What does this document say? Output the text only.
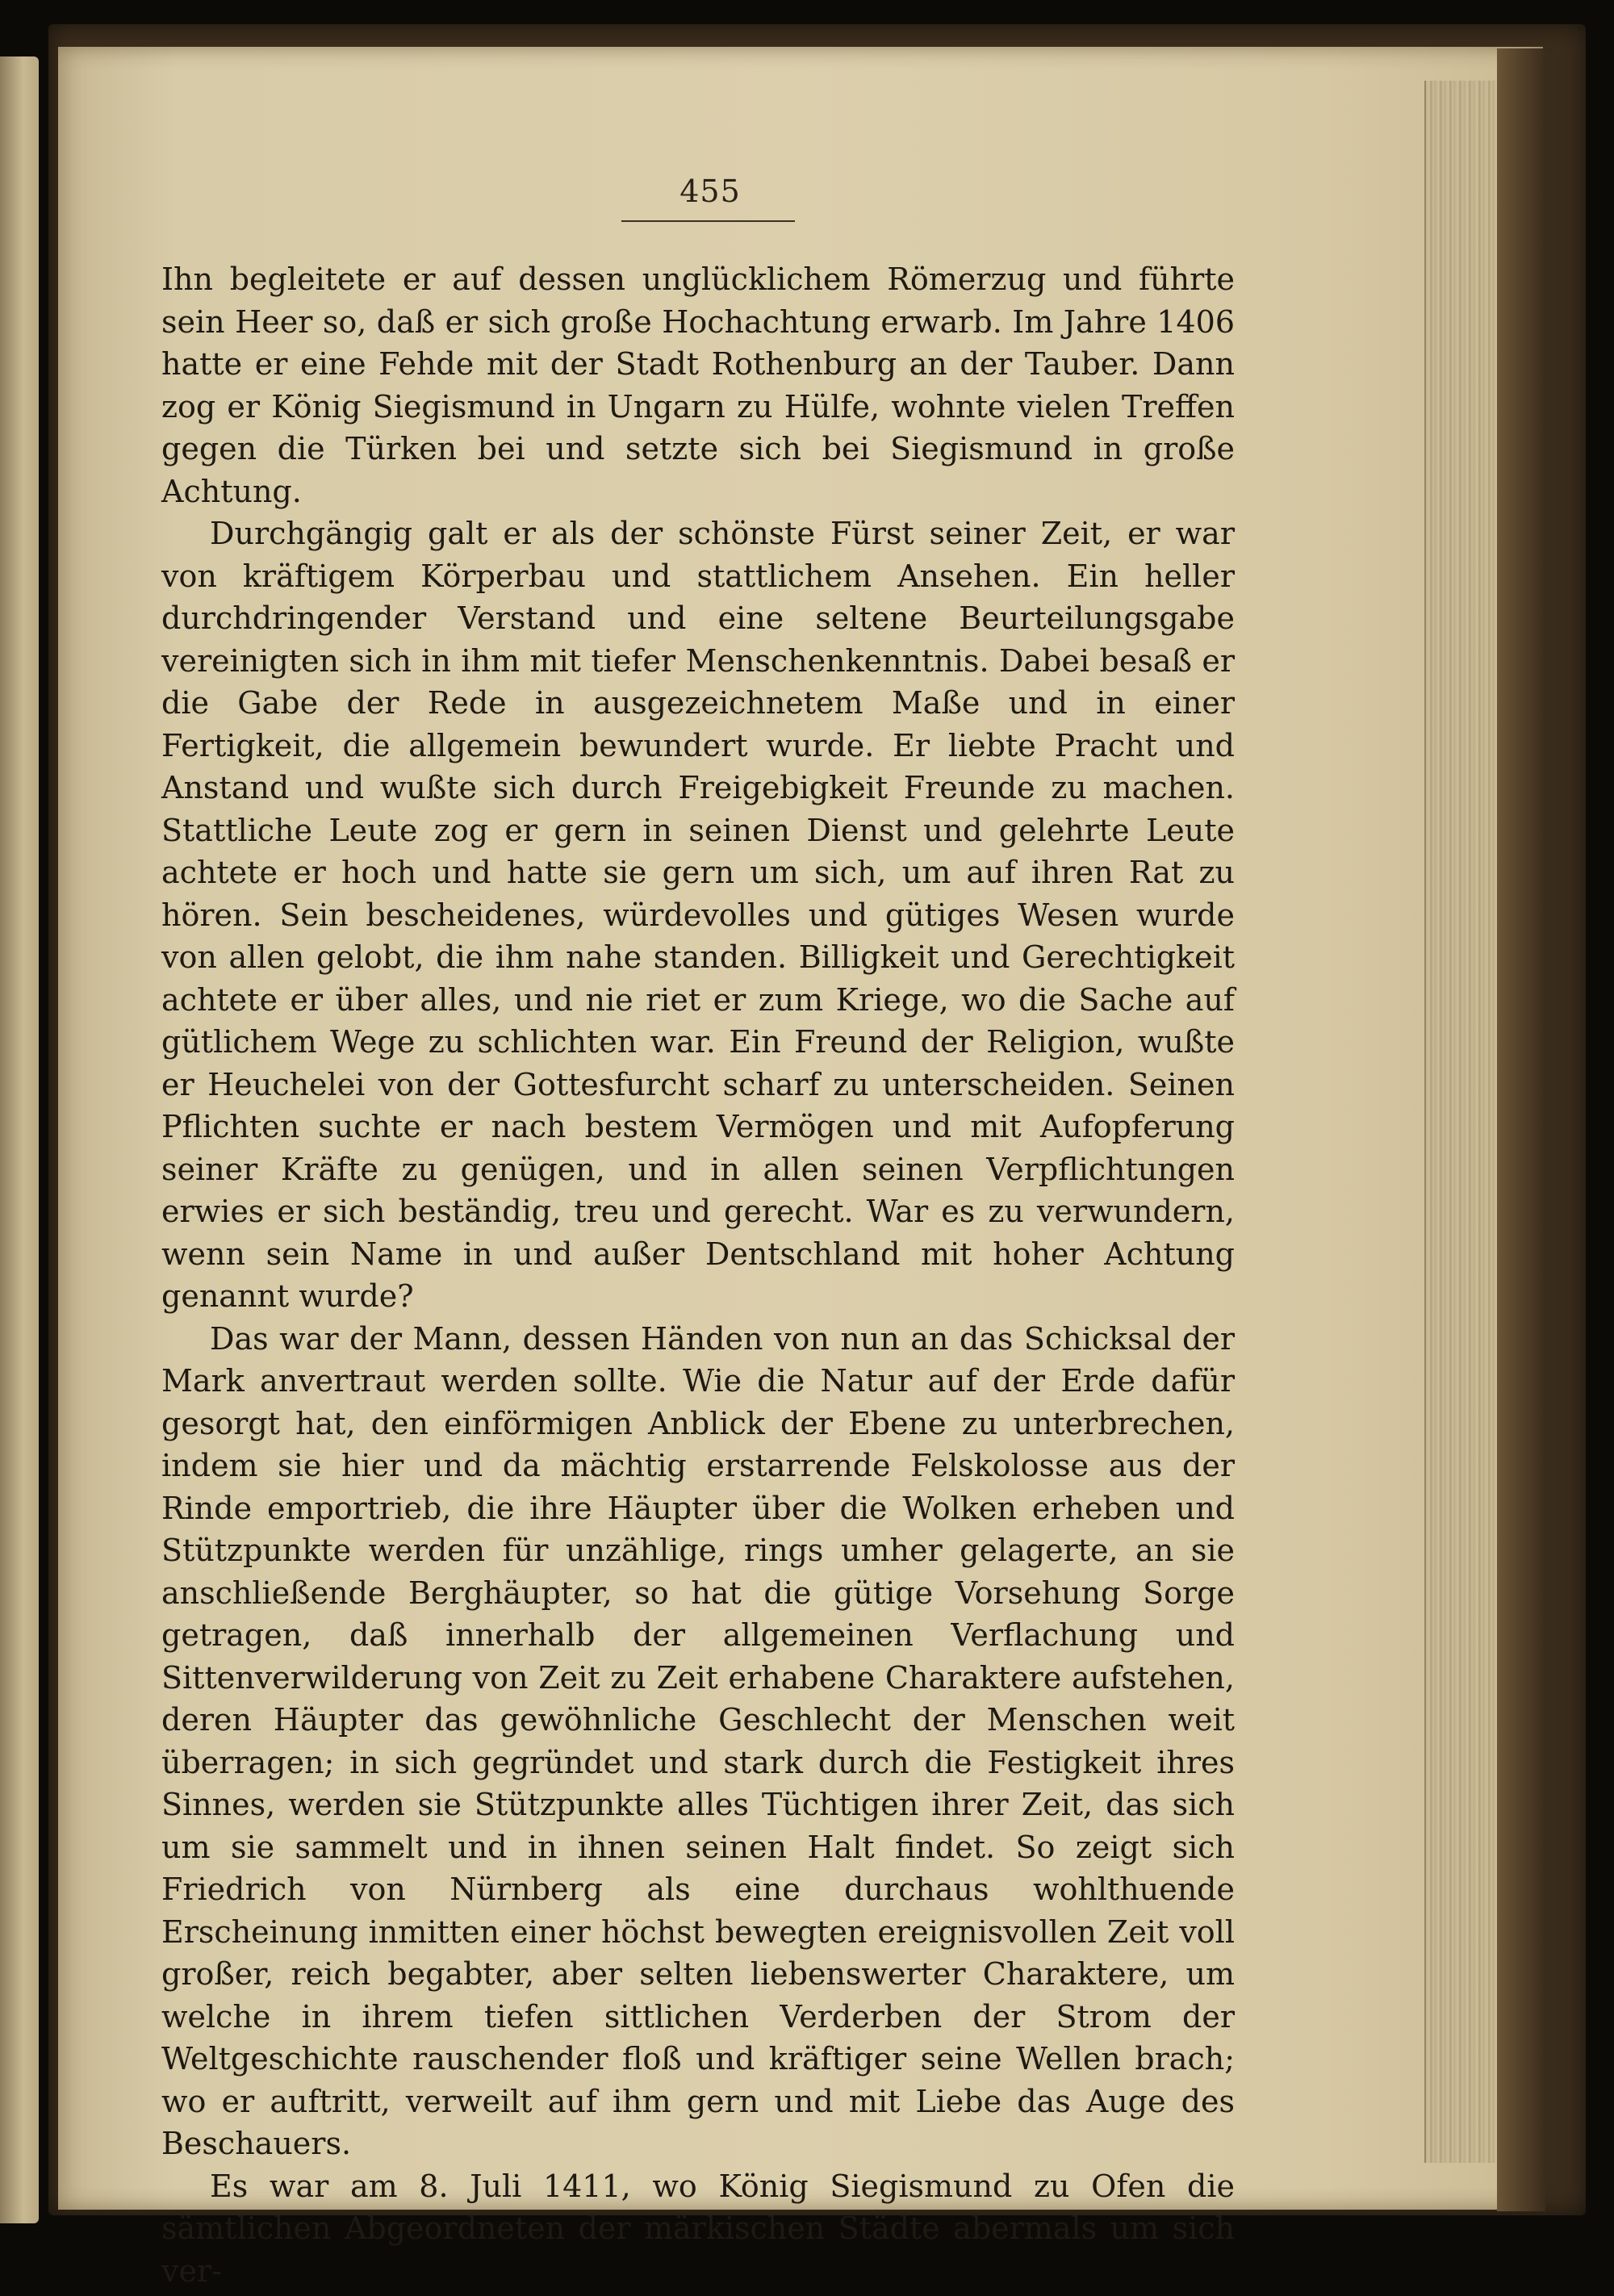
455

Ihn begleitete er auf dessen unglücklichem Römerzug und führte sein Heer so, daß er sich große Hochachtung erwarb. Im Jahre 1406 hatte er eine Fehde mit der Stadt Rothenburg an der Tauber. Dann zog er König Siegismund in Ungarn zu Hülfe, wohnte vielen Treffen gegen die Türken bei und setzte sich bei Siegismund in große Achtung.

Durchgängig galt er als der schönste Fürst seiner Zeit, er war von kräftigem Körperbau und stattlichem Ansehen. Ein heller durchdringender Verstand und eine seltene Beurteilungsgabe vereinigten sich in ihm mit tiefer Menschenkenntnis. Dabei besaß er die Gabe der Rede in ausgezeichnetem Maße und in einer Fertigkeit, die allgemein bewundert wurde. Er liebte Pracht und Anstand und wußte sich durch Freigebigkeit Freunde zu machen. Stattliche Leute zog er gern in seinen Dienst und gelehrte Leute achtete er hoch und hatte sie gern um sich, um auf ihren Rat zu hören. Sein bescheidenes, würdevolles und gütiges Wesen wurde von allen gelobt, die ihm nahe standen. Billigkeit und Gerechtigkeit achtete er über alles, und nie riet er zum Kriege, wo die Sache auf gütlichem Wege zu schlichten war. Ein Freund der Religion, wußte er Heuchelei von der Gottesfurcht scharf zu unterscheiden. Seinen Pflichten suchte er nach bestem Vermögen und mit Aufopferung seiner Kräfte zu genügen, und in allen seinen Verpflichtungen erwies er sich beständig, treu und gerecht. War es zu verwundern, wenn sein Name in und außer Dentschland mit hoher Achtung genannt wurde?

Das war der Mann, dessen Händen von nun an das Schicksal der Mark anvertraut werden sollte. Wie die Natur auf der Erde dafür gesorgt hat, den einförmigen Anblick der Ebene zu unterbrechen, indem sie hier und da mächtig erstarrende Felskolosse aus der Rinde emportrieb, die ihre Häupter über die Wolken erheben und Stützpunkte werden für unzählige, rings umher gelagerte, an sie anschließende Berghäupter, so hat die gütige Vorsehung Sorge getragen, daß innerhalb der allgemeinen Verflachung und Sittenverwilderung von Zeit zu Zeit erhabene Charaktere aufstehen, deren Häupter das gewöhnliche Geschlecht der Menschen weit überragen; in sich gegründet und stark durch die Festigkeit ihres Sinnes, werden sie Stützpunkte alles Tüchtigen ihrer Zeit, das sich um sie sammelt und in ihnen seinen Halt findet. So zeigt sich Friedrich von Nürnberg als eine durchaus wohlthuende Erscheinung inmitten einer höchst bewegten ereignisvollen Zeit voll großer, reich begabter, aber selten liebenswerter Charaktere, um welche in ihrem tiefen sittlichen Verderben der Strom der Weltgeschichte rauschender floß und kräftiger seine Wellen brach; wo er auftritt, verweilt auf ihm gern und mit Liebe das Auge des Beschauers.

Es war am 8. Juli 1411, wo König Siegismund zu Ofen die sämtlichen Abgeordneten der märkischen Städte abermals um sich ver-
